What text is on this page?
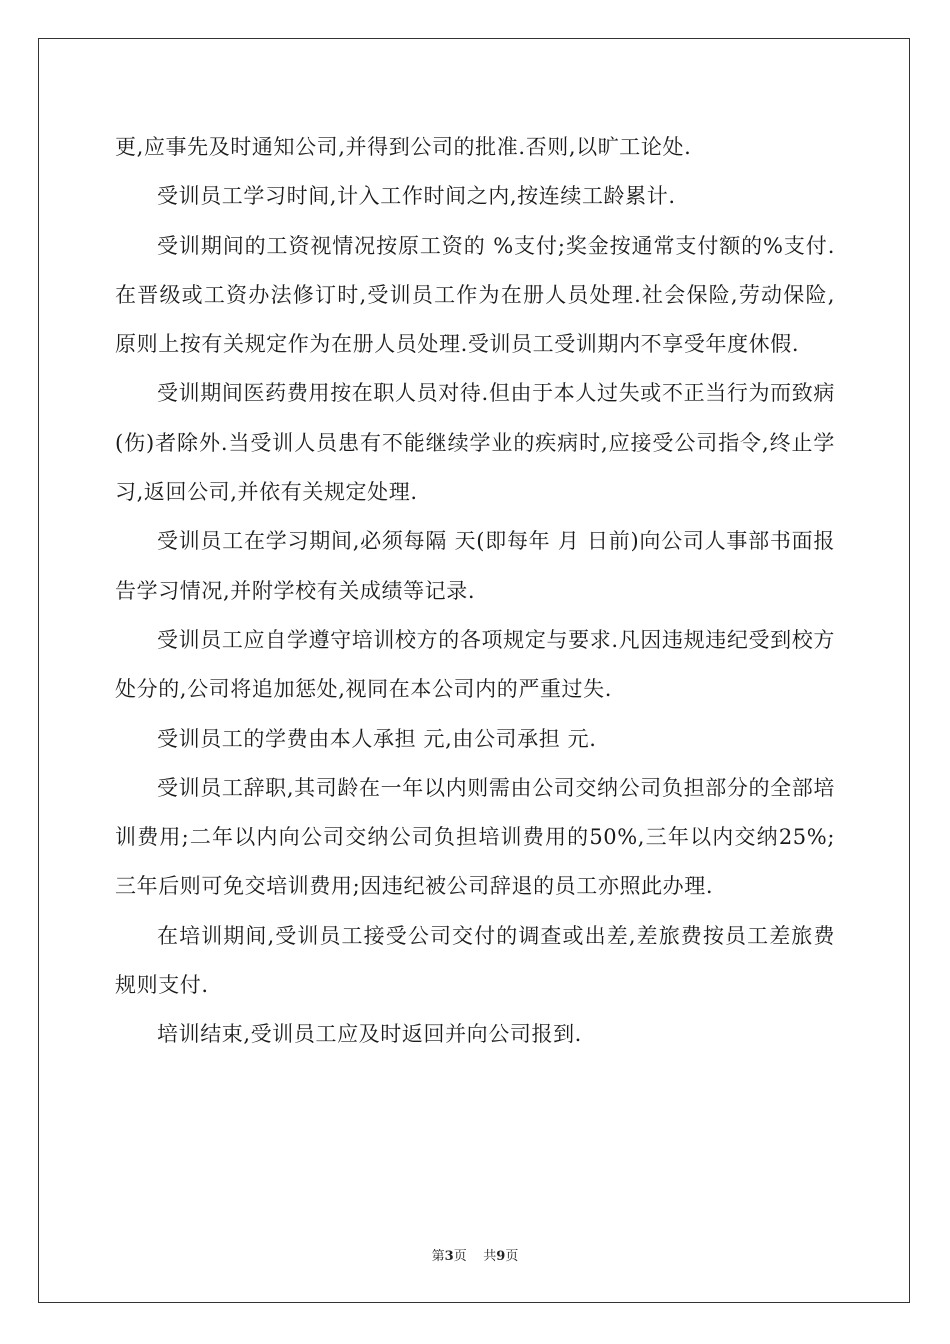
更,应事先及时通知公司,并得到公司的批准.否则,以旷工论处.

受训员工学习时间,计入工作时间之内,按连续工龄累计.

受训期间的工资视情况按原工资的 %支付;奖金按通常支付额的%支付.在晋级或工资办法修订时,受训员工作为在册人员处理.社会保险,劳动保险,原则上按有关规定作为在册人员处理.受训员工受训期内不享受年度休假.

受训期间医药费用按在职人员对待.但由于本人过失或不正当行为而致病(伤)者除外.当受训人员患有不能继续学业的疾病时,应接受公司指令,终止学习,返回公司,并依有关规定处理.

受训员工在学习期间,必须每隔 天(即每年 月 日前)向公司人事部书面报告学习情况,并附学校有关成绩等记录.

受训员工应自学遵守培训校方的各项规定与要求.凡因违规违纪受到校方处分的,公司将追加惩处,视同在本公司内的严重过失.

受训员工的学费由本人承担 元,由公司承担 元.

受训员工辞职,其司龄在一年以内则需由公司交纳公司负担部分的全部培训费用;二年以内向公司交纳公司负担培训费用的50%,三年以内交纳25%;三年后则可免交培训费用;因违纪被公司辞退的员工亦照此办理.

在培训期间,受训员工接受公司交付的调查或出差,差旅费按员工差旅费规则支付.

培训结束,受训员工应及时返回并向公司报到.

第3页 共9页
